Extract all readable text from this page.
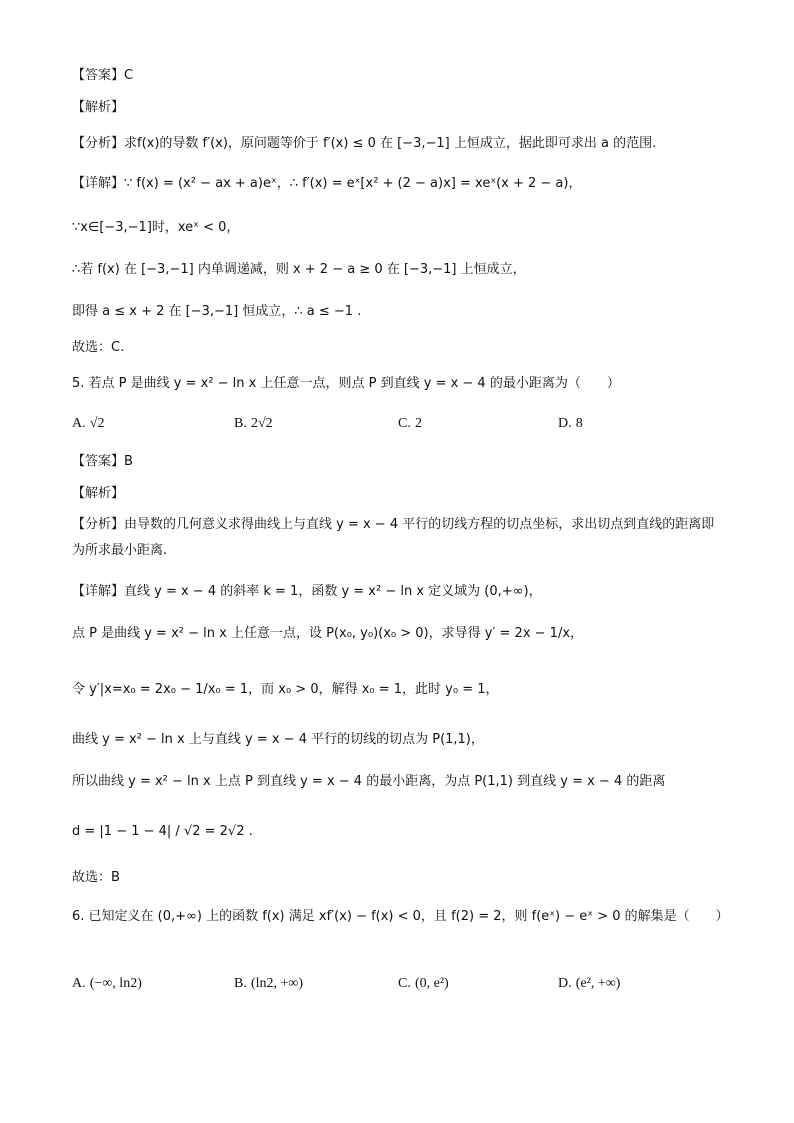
【答案】C
【解析】
【分析】求f(x)的导数 f′(x)，原问题等价于 f′(x) ≤ 0 在 [−3,−1] 上恒成立，据此即可求出 a 的范围.
【详解】∵ f(x) = (x² − ax + a)eˣ，∴ f′(x) = eˣ[x² + (2 − a)x] = xeˣ(x + 2 − a)，
∵x∈[−3,−1]时，xeˣ < 0，
∴若 f(x) 在 [−3,−1] 内单调递减，则 x + 2 − a ≥ 0 在 [−3,−1] 上恒成立，
即得 a ≤ x + 2 在 [−3,−1] 恒成立，∴ a ≤ −1 .
故选：C.
5. 若点 P 是曲线 y = x² − ln x 上任意一点，则点 P 到直线 y = x − 4 的最小距离为（　　）
A. √2	B. 2√2	C. 2	D. 8
【答案】B
【解析】
【分析】由导数的几何意义求得曲线上与直线 y = x − 4 平行的切线方程的切点坐标，求出切点到直线的距离即为所求最小距离.
【详解】直线 y = x − 4 的斜率 k = 1，函数 y = x² − ln x 定义域为 (0,+∞)，
点 P 是曲线 y = x² − ln x 上任意一点，设 P(x₀, y₀)(x₀ > 0)，求导得 y′ = 2x − 1/x，
令 y′|x=x₀ = 2x₀ − 1/x₀ = 1，而 x₀ > 0，解得 x₀ = 1，此时 y₀ = 1，
曲线 y = x² − ln x 上与直线 y = x − 4 平行的切线的切点为 P(1,1)，
所以曲线 y = x² − ln x 上点 P 到直线 y = x − 4 的最小距离，为点 P(1,1) 到直线 y = x − 4 的距离
d = |1 − 1 − 4| / √2 = 2√2 .
故选：B
6. 已知定义在 (0,+∞) 上的函数 f(x) 满足 xf′(x) − f(x) < 0，且 f(2) = 2，则 f(eˣ) − eˣ > 0 的解集是（　　）
A. (−∞, ln2)	B. (ln2, +∞)	C. (0, e²)	D. (e², +∞)
